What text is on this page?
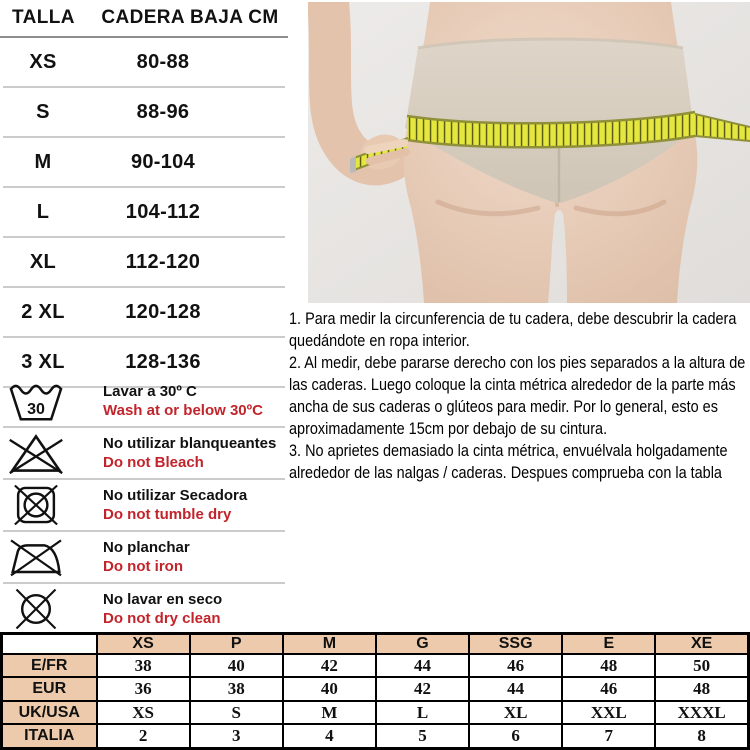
TALLA	CADERA BAJA CM
XS	80-88
S	88-96
M	90-104
L	104-112
XL	112-120
2 XL	120-128
3 XL	128-136
30
Lavar a 30º C
Wash at or below 30ºC
No utilizar blanqueantes
Do not Bleach
No utilizar Secadora
Do not tumble dry
No planchar
Do not iron
No lavar en seco
Do not dry clean

1. Para medir la circunferencia de tu cadera, debe descubrir la cadera quedándote en ropa interior.

2. Al medir, debe pararse derecho con los pies separados a la altura de las caderas. Luego coloque la cinta métrica alrededor de la parte más ancha de sus caderas o glúteos para medir. Por lo general, esto es aproximadamente 15cm por debajo de su cintura.

3. No aprietes demasiado la cinta métrica, envuélvala holgadamente alrededor de las nalgas / caderas. Despues comprueba con la tabla

	XS	P	M	G	SSG	E	XE
E/FR	38	40	42	44	46	48	50
EUR	36	38	40	42	44	46	48
UK/USA	XS	S	M	L	XL	XXL	XXXL
ITALIA	2	3	4	5	6	7	8
